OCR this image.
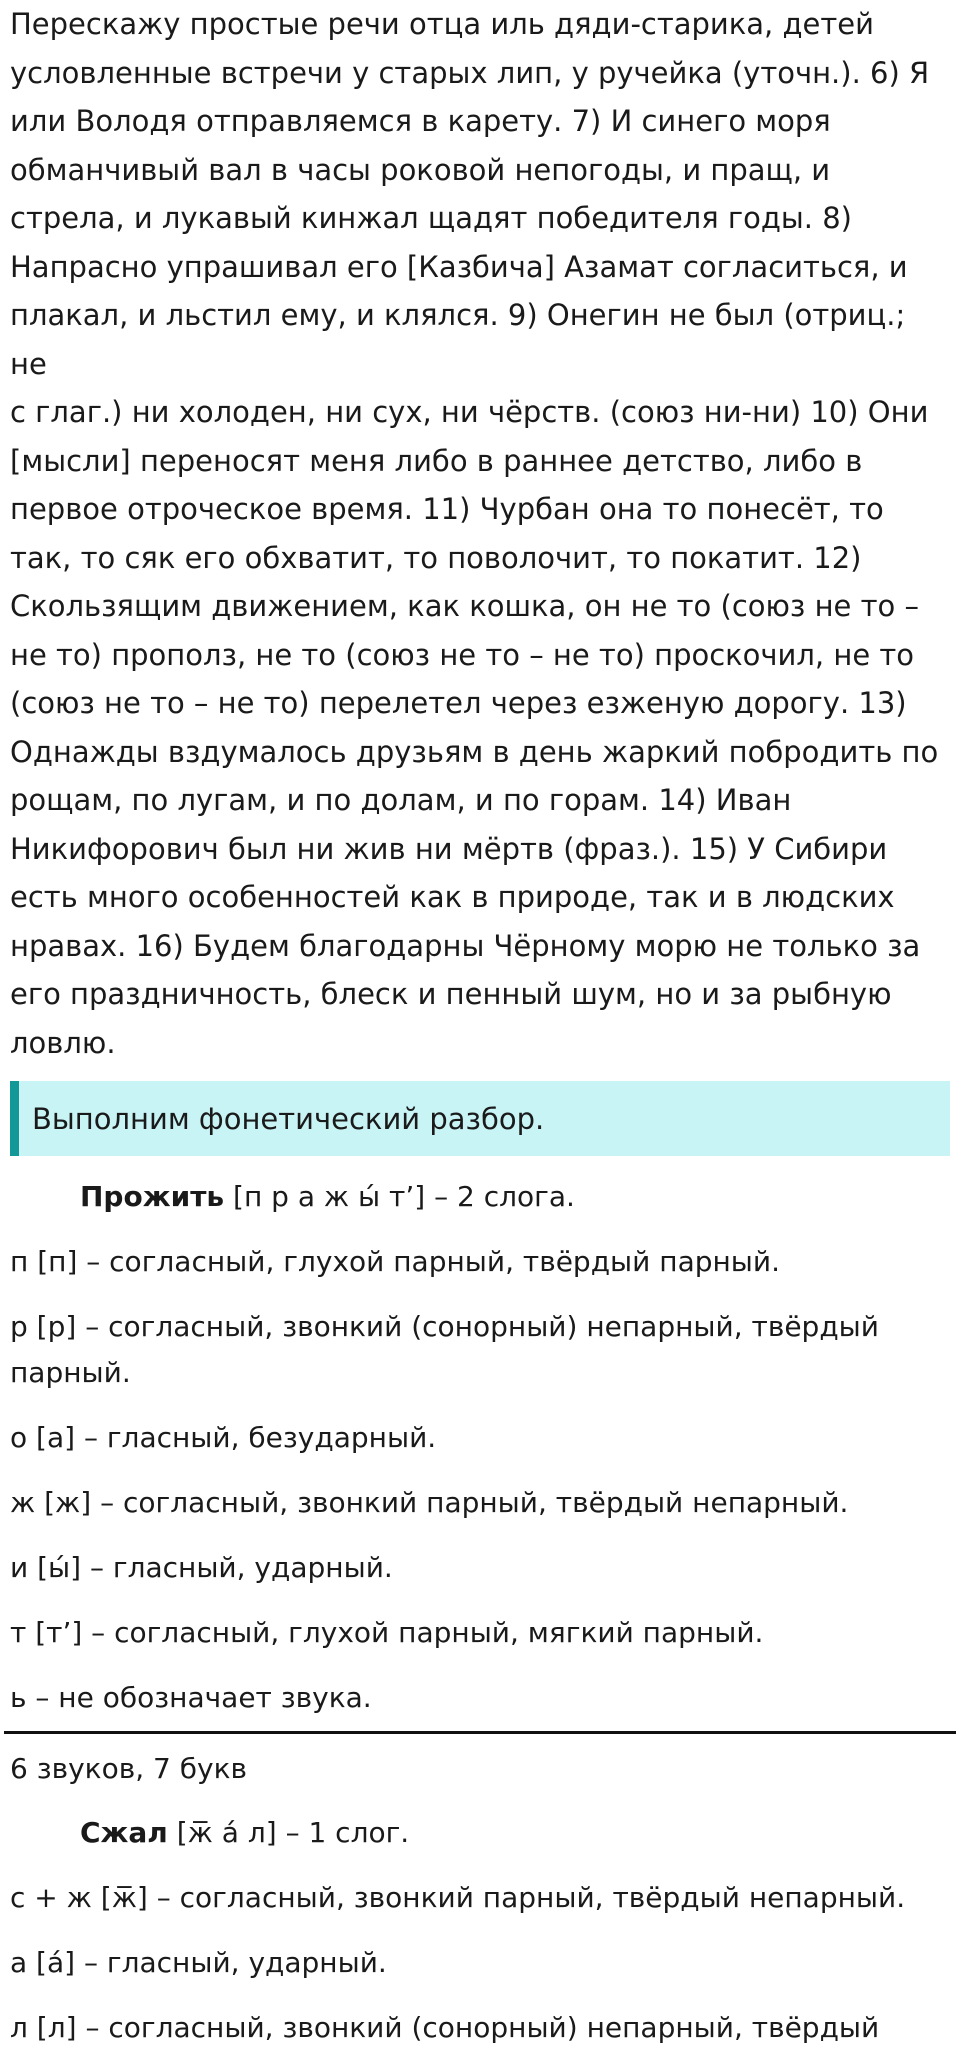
Перескажу простые речи отца иль дяди-старика, детей
условленные встречи у старых лип, у ручейка (уточн.). 6) Я
или Володя отправляемся в карету. 7) И синего моря
обманчивый вал в часы роковой непогоды, и пращ, и
стрела, и лукавый кинжал щадят победителя годы. 8)
Напрасно упрашивал его [Казбича] Азамат согласиться, и
плакал, и льстил ему, и клялся. 9) Онегин не был (отриц.; не
с глаг.) ни холоден, ни сух, ни чёрств. (союз ни-ни) 10) Они
[мысли] переносят меня либо в раннее детство, либо в
первое отроческое время. 11) Чурбан она то понесёт, то
так, то сяк его обхватит, то поволочит, то покатит. 12)
Скользящим движением, как кошка, он не то (союз не то –
не то) прополз, не то (союз не то – не то) проскочил, не то
(союз не то – не то) перелетел через езженую дорогу. 13)
Однажды вздумалось друзьям в день жаркий побродить по
рощам, по лугам, и по долам, и по горам. 14) Иван
Никифорович был ни жив ни мёртв (фраз.). 15) У Сибири
есть много особенностей как в природе, так и в людских
нравах. 16) Будем благодарны Чёрному морю не только за
его праздничность, блеск и пенный шум, но и за рыбную
ловлю.
Выполним фонетический разбор.
Прожить [п р а ж ы́ т’] – 2 слога.
п [п] – согласный, глухой парный, твёрдый парный.
р [р] – согласный, звонкий (сонорный) непарный, твёрдый парный.
о [а] – гласный, безударный.
ж [ж] – согласный, звонкий парный, твёрдый непарный.
и [ы́] – гласный, ударный.
т [т’] – согласный, глухой парный, мягкий парный.
ь – не обозначает звука.
6 звуков, 7 букв
Сжал [ж̅ á л] – 1 слог.
с + ж [ж̅] – согласный, звонкий парный, твёрдый непарный.
а [á] – гласный, ударный.
л [л] – согласный, звонкий (сонорный) непарный, твёрдый
